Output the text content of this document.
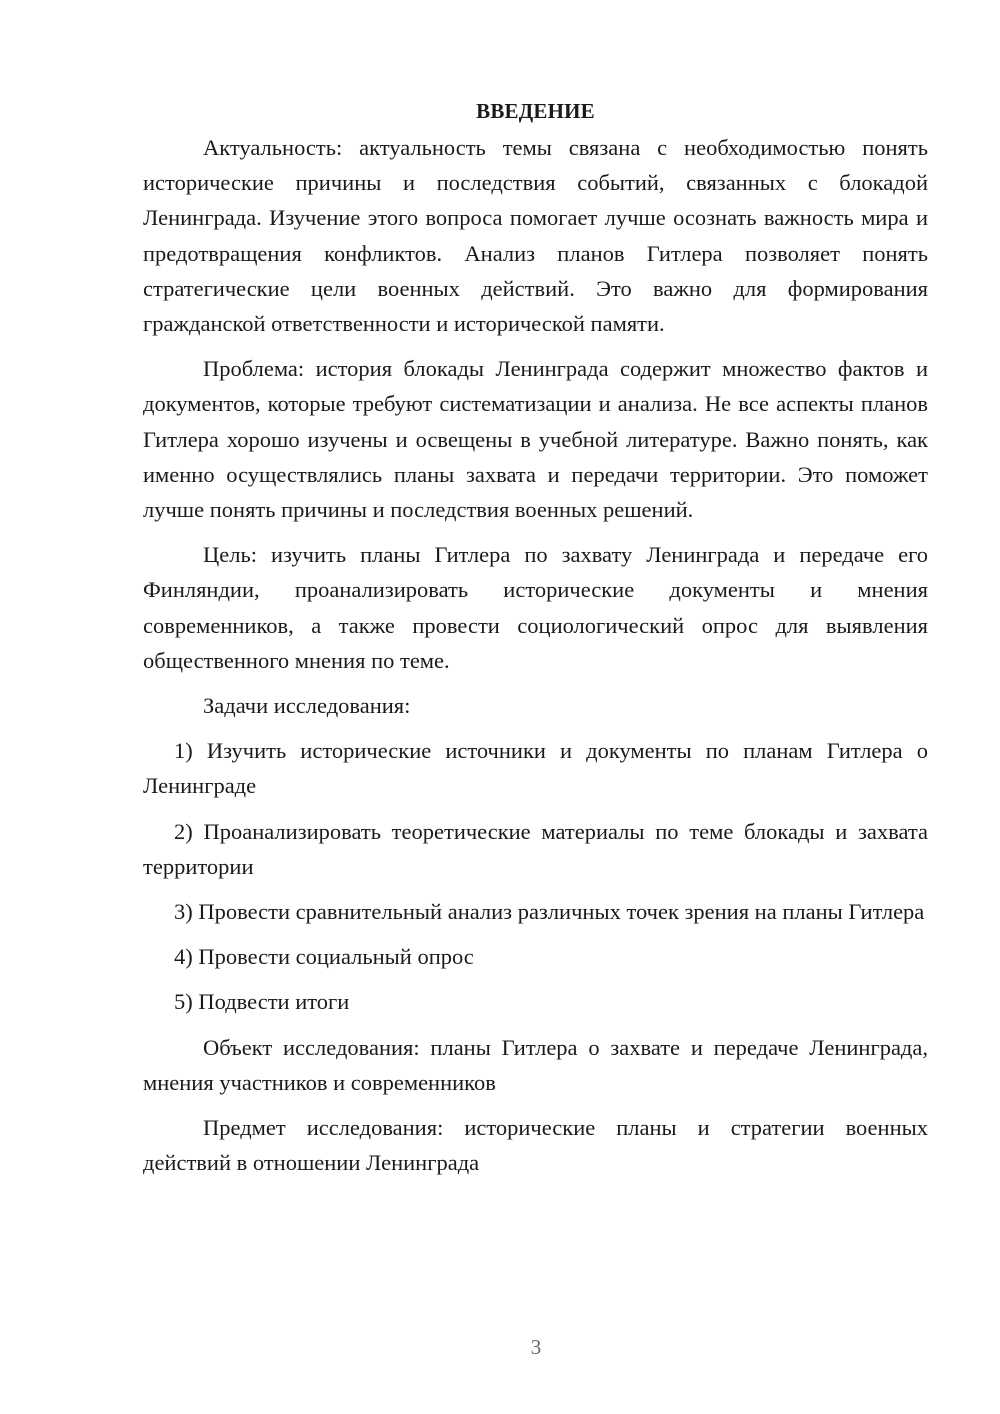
ВВЕДЕНИЕ

Актуальность: актуальность темы связана с необходимостью понять исторические причины и последствия событий, связанных с блокадой Ленинграда. Изучение этого вопроса помогает лучше осознать важность мира и предотвращения конфликтов. Анализ планов Гитлера позволяет понять стратегические цели военных действий. Это важно для формирования гражданской ответственности и исторической памяти.

Проблема: история блокады Ленинграда содержит множество фактов и документов, которые требуют систематизации и анализа. Не все аспекты планов Гитлера хорошо изучены и освещены в учебной литературе. Важно понять, как именно осуществлялись планы захвата и передачи территории. Это поможет лучше понять причины и последствия военных решений.

Цель: изучить планы Гитлера по захвату Ленинграда и передаче его Финляндии, проанализировать исторические документы и мнения современников, а также провести социологический опрос для выявления общественного мнения по теме.

Задачи исследования:

1) Изучить исторические источники и документы по планам Гитлера о Ленинграде

2) Проанализировать теоретические материалы по теме блокады и захвата территории

3) Провести сравнительный анализ различных точек зрения на планы Гитлера

4) Провести социальный опрос

5) Подвести итоги

Объект исследования: планы Гитлера о захвате и передаче Ленинграда, мнения участников и современников

Предмет исследования: исторические планы и стратегии военных действий в отношении Ленинграда

3
